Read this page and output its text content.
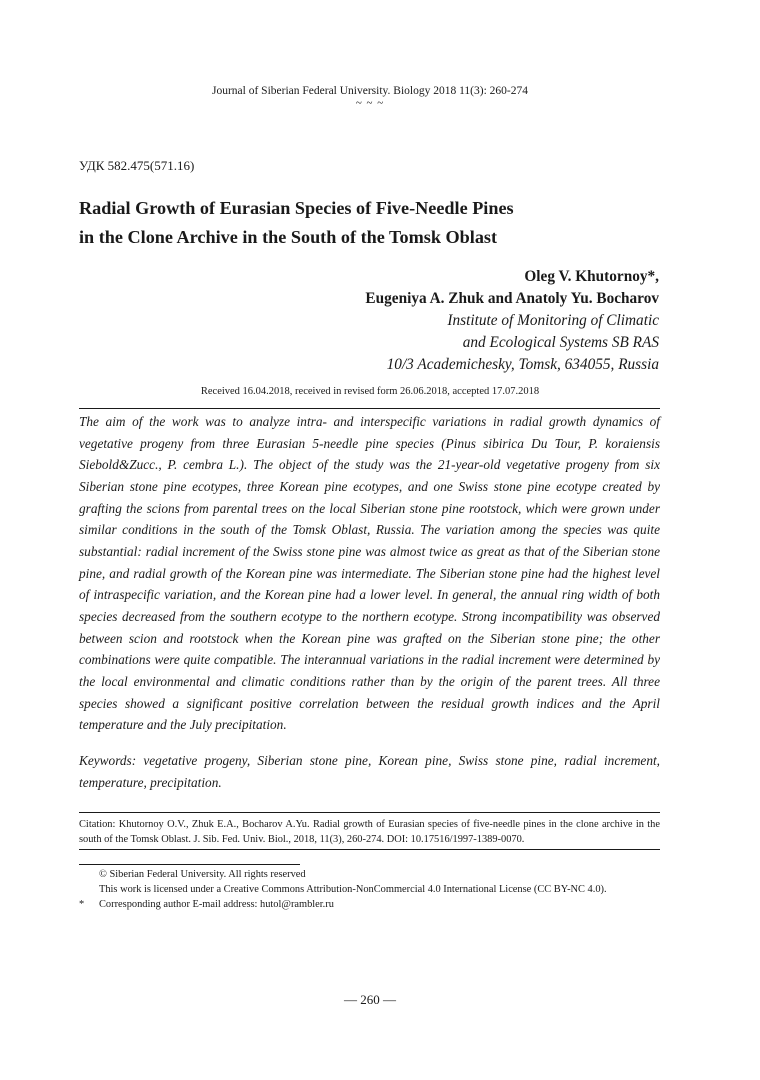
Journal of Siberian Federal University. Biology 2018 11(3): 260-274
~ ~ ~
УДК 582.475(571.16)
Radial Growth of Eurasian Species of Five-Needle Pines
in the Clone Archive in the South of the Tomsk Oblast
Oleg V. Khutornoy*,
Eugeniya A. Zhuk and Anatoly Yu. Bocharov
Institute of Monitoring of Climatic
and Ecological Systems SB RAS
10/3 Academichesky, Tomsk, 634055, Russia
Received 16.04.2018, received in revised form 26.06.2018, accepted 17.07.2018

The aim of the work was to analyze intra- and interspecific variations in radial growth dynamics of vegetative progeny from three Eurasian 5-needle pine species (Pinus sibirica Du Tour, P. koraiensis Siebold&Zucc., P. cembra L.). The object of the study was the 21-year-old vegetative progeny from six Siberian stone pine ecotypes, three Korean pine ecotypes, and one Swiss stone pine ecotype created by grafting the scions from parental trees on the local Siberian stone pine rootstock, which were grown under similar conditions in the south of the Tomsk Oblast, Russia. The variation among the species was quite substantial: radial increment of the Swiss stone pine was almost twice as great as that of the Siberian stone pine, and radial growth of the Korean pine was intermediate. The Siberian stone pine had the highest level of intraspecific variation, and the Korean pine had a lower level. In general, the annual ring width of both species decreased from the southern ecotype to the northern ecotype. Strong incompatibility was observed between scion and rootstock when the Korean pine was grafted on the Siberian stone pine; the other combinations were quite compatible. The interannual variations in the radial increment were determined by the local environmental and climatic conditions rather than by the origin of the parent trees. All three species showed a significant positive correlation between the residual growth indices and the April temperature and the July precipitation.

Keywords: vegetative progeny, Siberian stone pine, Korean pine, Swiss stone pine, radial increment, temperature, precipitation.

Citation: Khutornoy O.V., Zhuk E.A., Bocharov A.Yu. Radial growth of Eurasian species of five-needle pines in the clone archive in the south of the Tomsk Oblast. J. Sib. Fed. Univ. Biol., 2018, 11(3), 260-274. DOI: 10.17516/1997-1389-0070.

© Siberian Federal University. All rights reserved
This work is licensed under a Creative Commons Attribution-NonCommercial 4.0 International License (CC BY-NC 4.0).
*	Corresponding author E-mail address: hutol@rambler.ru
— 260 —
